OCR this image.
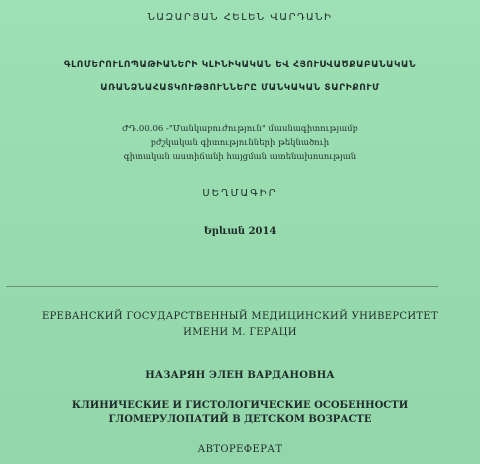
ՆԱԶԱՐՅԱՆ ՀԵԼԵՆ ՎԱՐԴԱՆԻ
ԳԼՈՄԵՐՈՒԼՈՊԱԹԻԱՆԵՐԻ ԿԼԻՆԻԿԱԿԱՆ ԵՎ ՀՅՈՒՍՎԱԾՔԱԲԱՆԱԿԱՆ
ԱՌԱՆՁՆԱՀԱՏԿՈՒԹՅՈՒՆՆԵՐԸ ՄԱՆԿԱԿԱՆ ՏԱՐԻՔՈՒՄ
ԺԴ.00.06 -"Մանկաբուժություն" մասնագիտությամբ
բժշկական գիտությունների թեկնածուի
գիտական աստիճանի հայցման ատենախոսության
ՍԵՂՄԱԳԻՐ
Երևան 2014
ЕРЕВАНСКИЙ ГОСУДАРСТВЕННЫЙ МЕДИЦИНСКИЙ УНИВЕРСИТЕТ
ИМЕНИ М. ГЕРАЦИ
НАЗАРЯН ЭЛЕН ВАРДАНОВНА
КЛИНИЧЕСКИЕ И ГИСТОЛОГИЧЕСКИЕ ОСОБЕННОСТИ
ГЛОМЕРУЛОПАТИЙ В ДЕТСКОМ ВОЗРАСТЕ
АВТОРЕФЕРАТ
